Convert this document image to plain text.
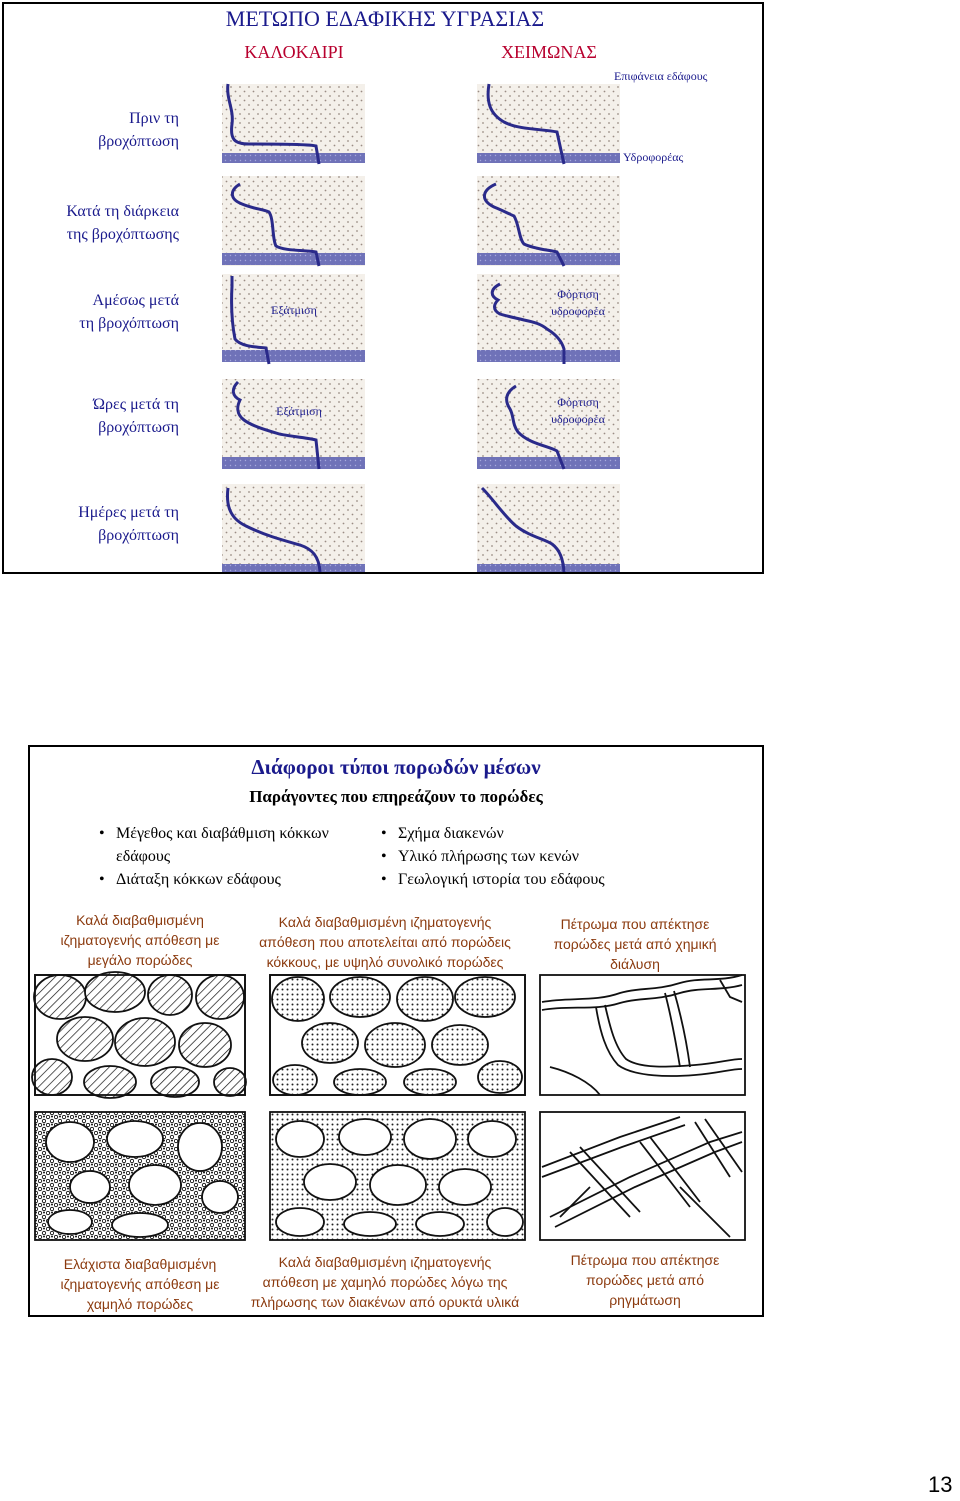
ΜΕΤΩΠΟ ΕΔΑΦΙΚΗΣ ΥΓΡΑΣΙΑΣ
ΚΑΛΟΚΑΙΡΙ	ΧΕΙΜΩΝΑΣ
Επιφάνεια εδάφους
Υδροφορέας
Πριν τη
βροχόπτωση
Κατά τη διάρκεια
της βροχόπτωσης
Αμέσως μετά
τη βροχόπτωση
Ώρες μετά τη
βροχόπτωση
Ημέρες μετά τη
βροχόπτωση
Εξάτμιση
Φόρτιση
υδροφορέα
Εξάτμιση
Φόρτιση
υδροφορέα
Διάφοροι τύποι πορωδών μέσων
Παράγοντες που επηρεάζουν το πορώδες
• Μέγεθος και διαβάθμιση κόκκων εδάφους
• Διάταξη κόκκων εδάφους
• Σχήμα διακενών
• Υλικό πλήρωσης των κενών
• Γεωλογική ιστορία του εδάφους
Καλά διαβαθμισμένη
ιζηματογενής απόθεση με
μεγάλο πορώδες
Καλά διαβαθμισμένη ιζηματογενής
απόθεση που αποτελείται από πορώδεις
κόκκους, με υψηλό συνολικό πορώδες
Πέτρωμα που απέκτησε
πορώδες μετά από χημική
διάλυση
Ελάχιστα διαβαθμισμένη
ιζηματογενής απόθεση με
χαμηλό πορώδες
Καλά διαβαθμισμένη ιζηματογενής
απόθεση με χαμηλό πορώδες λόγω της
πλήρωσης των διακένων από ορυκτά υλικά
Πέτρωμα που απέκτησε
πορώδες μετά από
ρηγμάτωση
13
